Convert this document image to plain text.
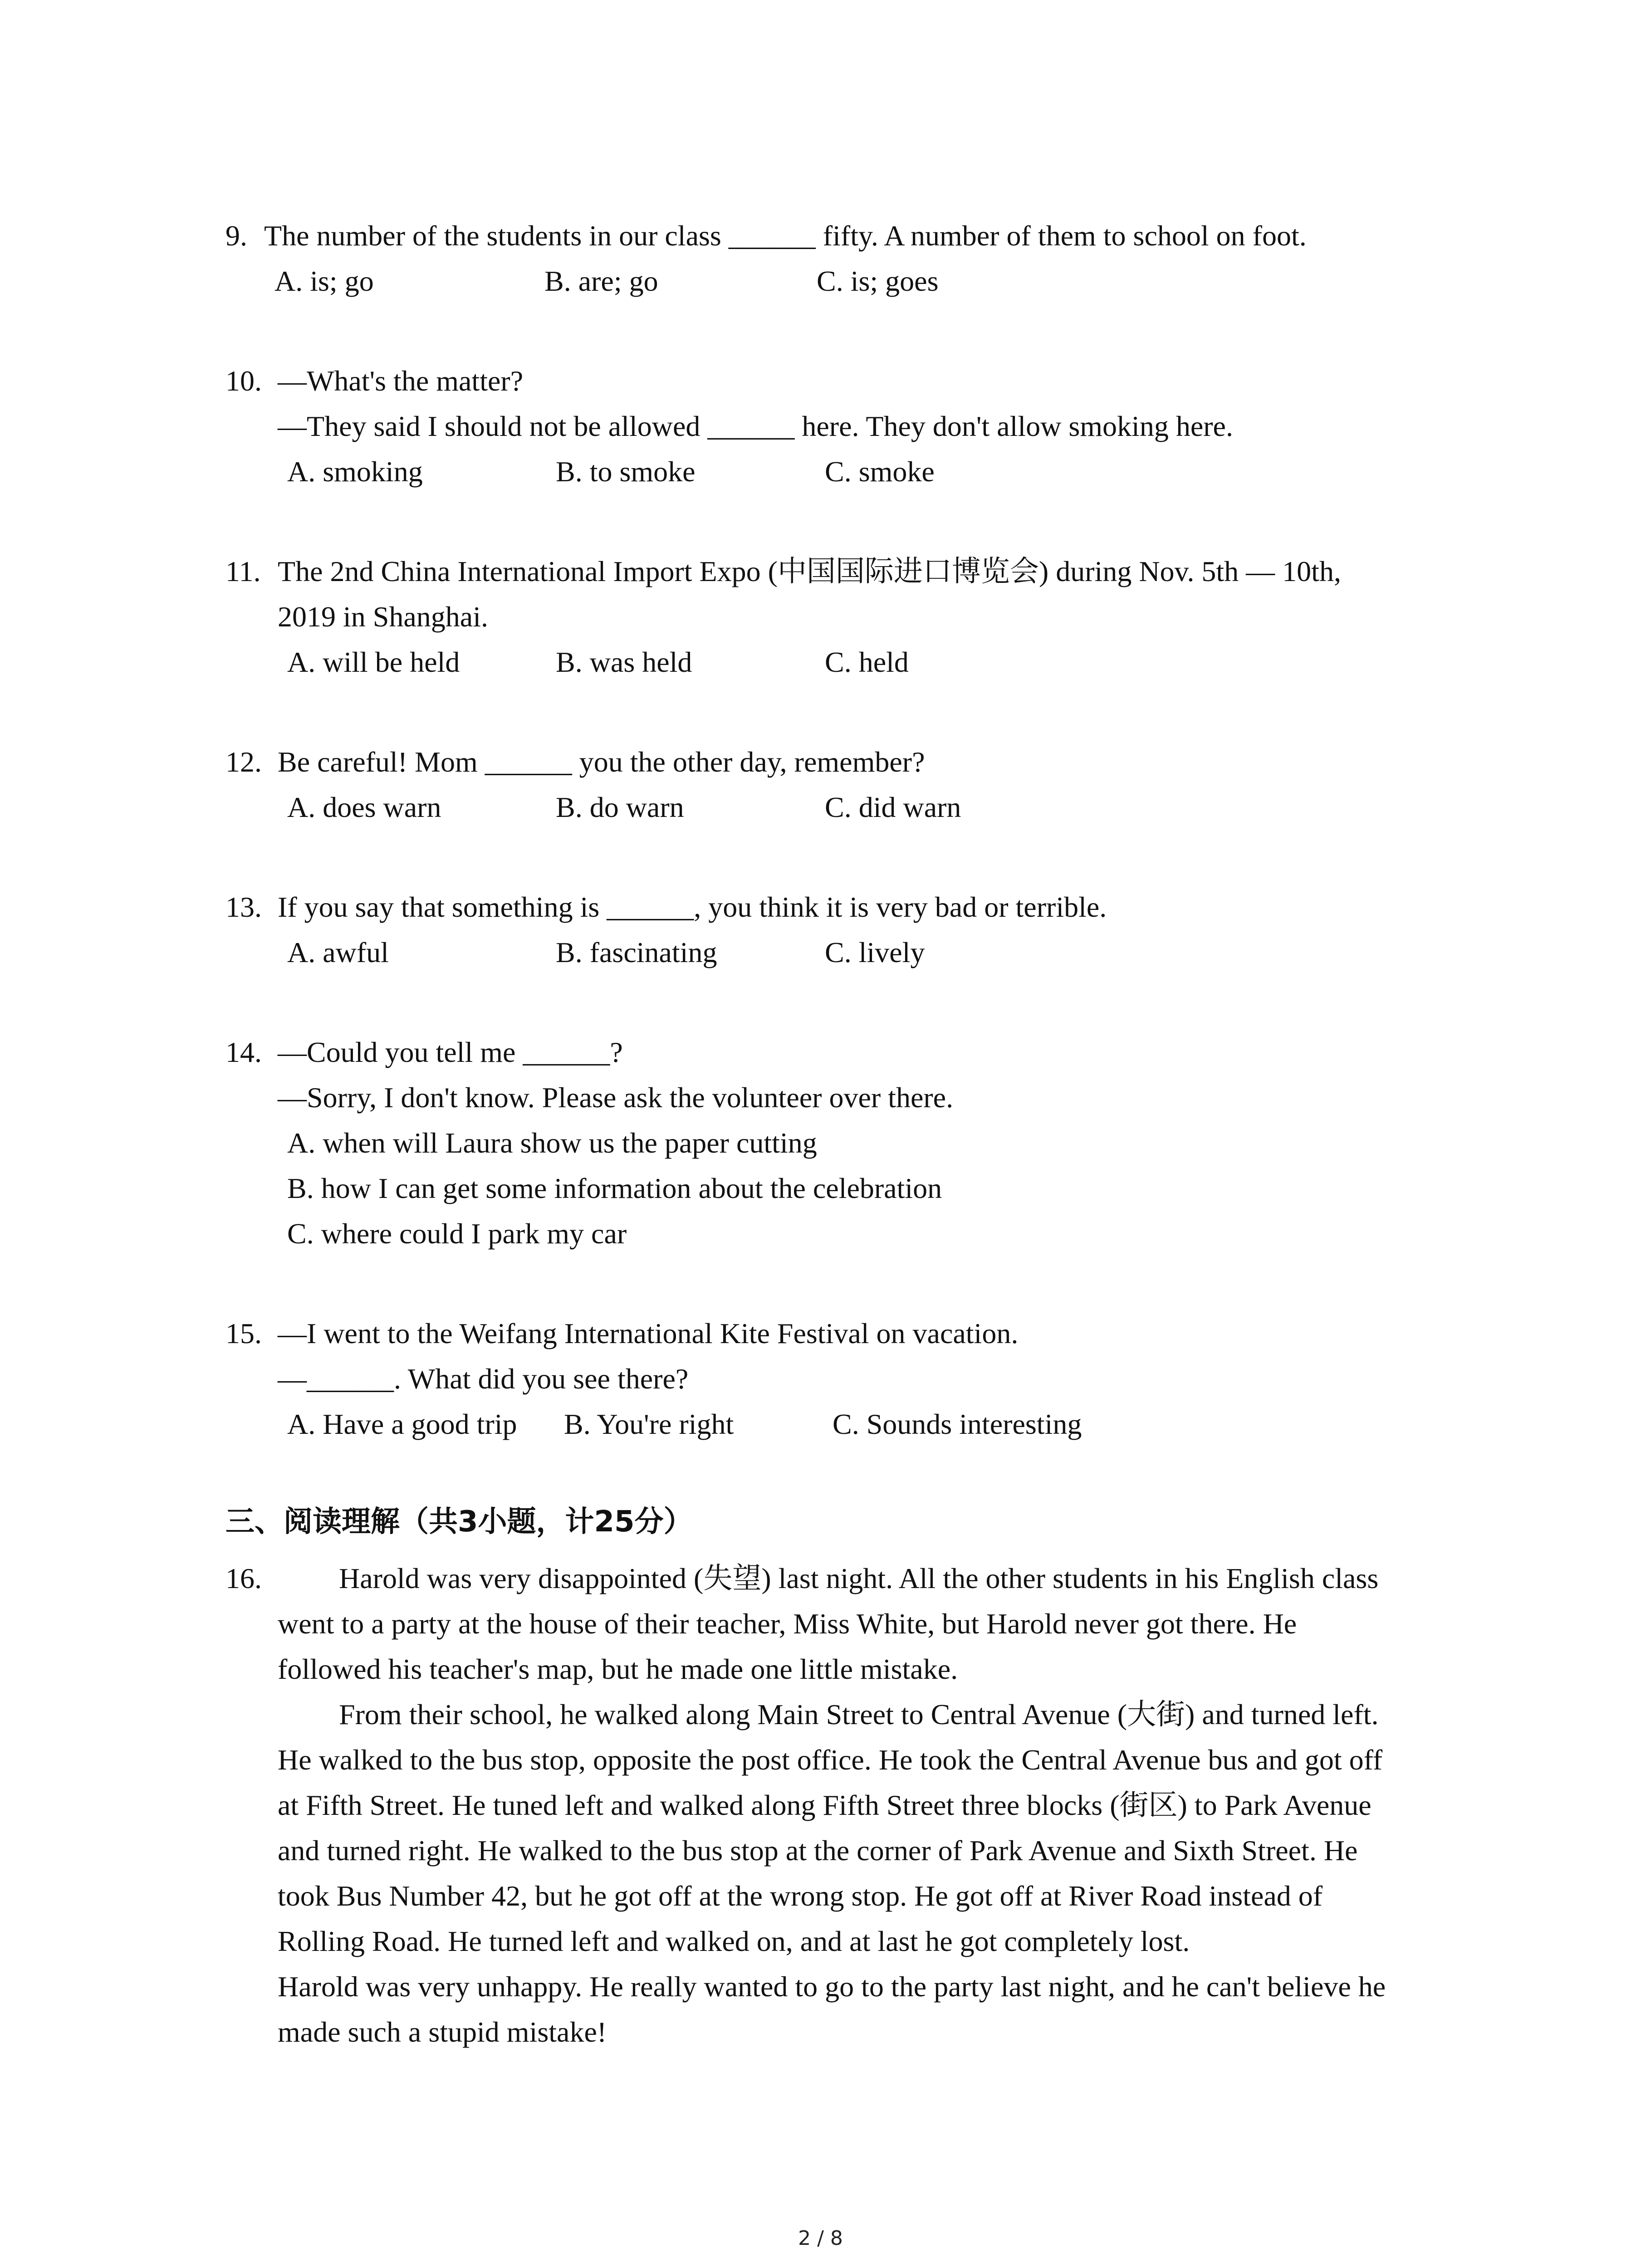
9. The number of the students in our class ______ fifty. A number of them to school on foot.
A. is; go	B. are; go	C. is; goes
10. —What's the matter?
—They said I should not be allowed ______ here. They don't allow smoking here.
A. smoking	B. to smoke	C. smoke
11. The 2nd China International Import Expo (中国国际进口博览会) during Nov. 5th — 10th,
2019 in Shanghai.
A. will be held	B. was held	C. held
12. Be careful! Mom ______ you the other day, remember?
A. does warn	B. do warn	C. did warn
13. If you say that something is ______, you think it is very bad or terrible.
A. awful	B. fascinating	C. lively
14. —Could you tell me ______?
—Sorry, I don't know. Please ask the volunteer over there.
A. when will Laura show us the paper cutting
B. how I can get some information about the celebration
C. where could I park my car
15. —I went to the Weifang International Kite Festival on vacation.
—______. What did you see there?
A. Have a good trip B. You're right	C. Sounds interesting
三、阅读理解（共3小题，计25分）
16.	Harold was very disappointed (失望) last night. All the other students in his English class
went to a party at the house of their teacher, Miss White, but Harold never got there. He
followed his teacher's map, but he made one little mistake.
From their school, he walked along Main Street to Central Avenue (大街) and turned left.
He walked to the bus stop, opposite the post office. He took the Central Avenue bus and got off
at Fifth Street. He tuned left and walked along Fifth Street three blocks (街区) to Park Avenue
and turned right. He walked to the bus stop at the corner of Park Avenue and Sixth Street. He
took Bus Number 42, but he got off at the wrong stop. He got off at River Road instead of
Rolling Road. He turned left and walked on, and at last he got completely lost.
Harold was very unhappy. He really wanted to go to the party last night, and he can't believe he
made such a stupid mistake!
2 / 8
